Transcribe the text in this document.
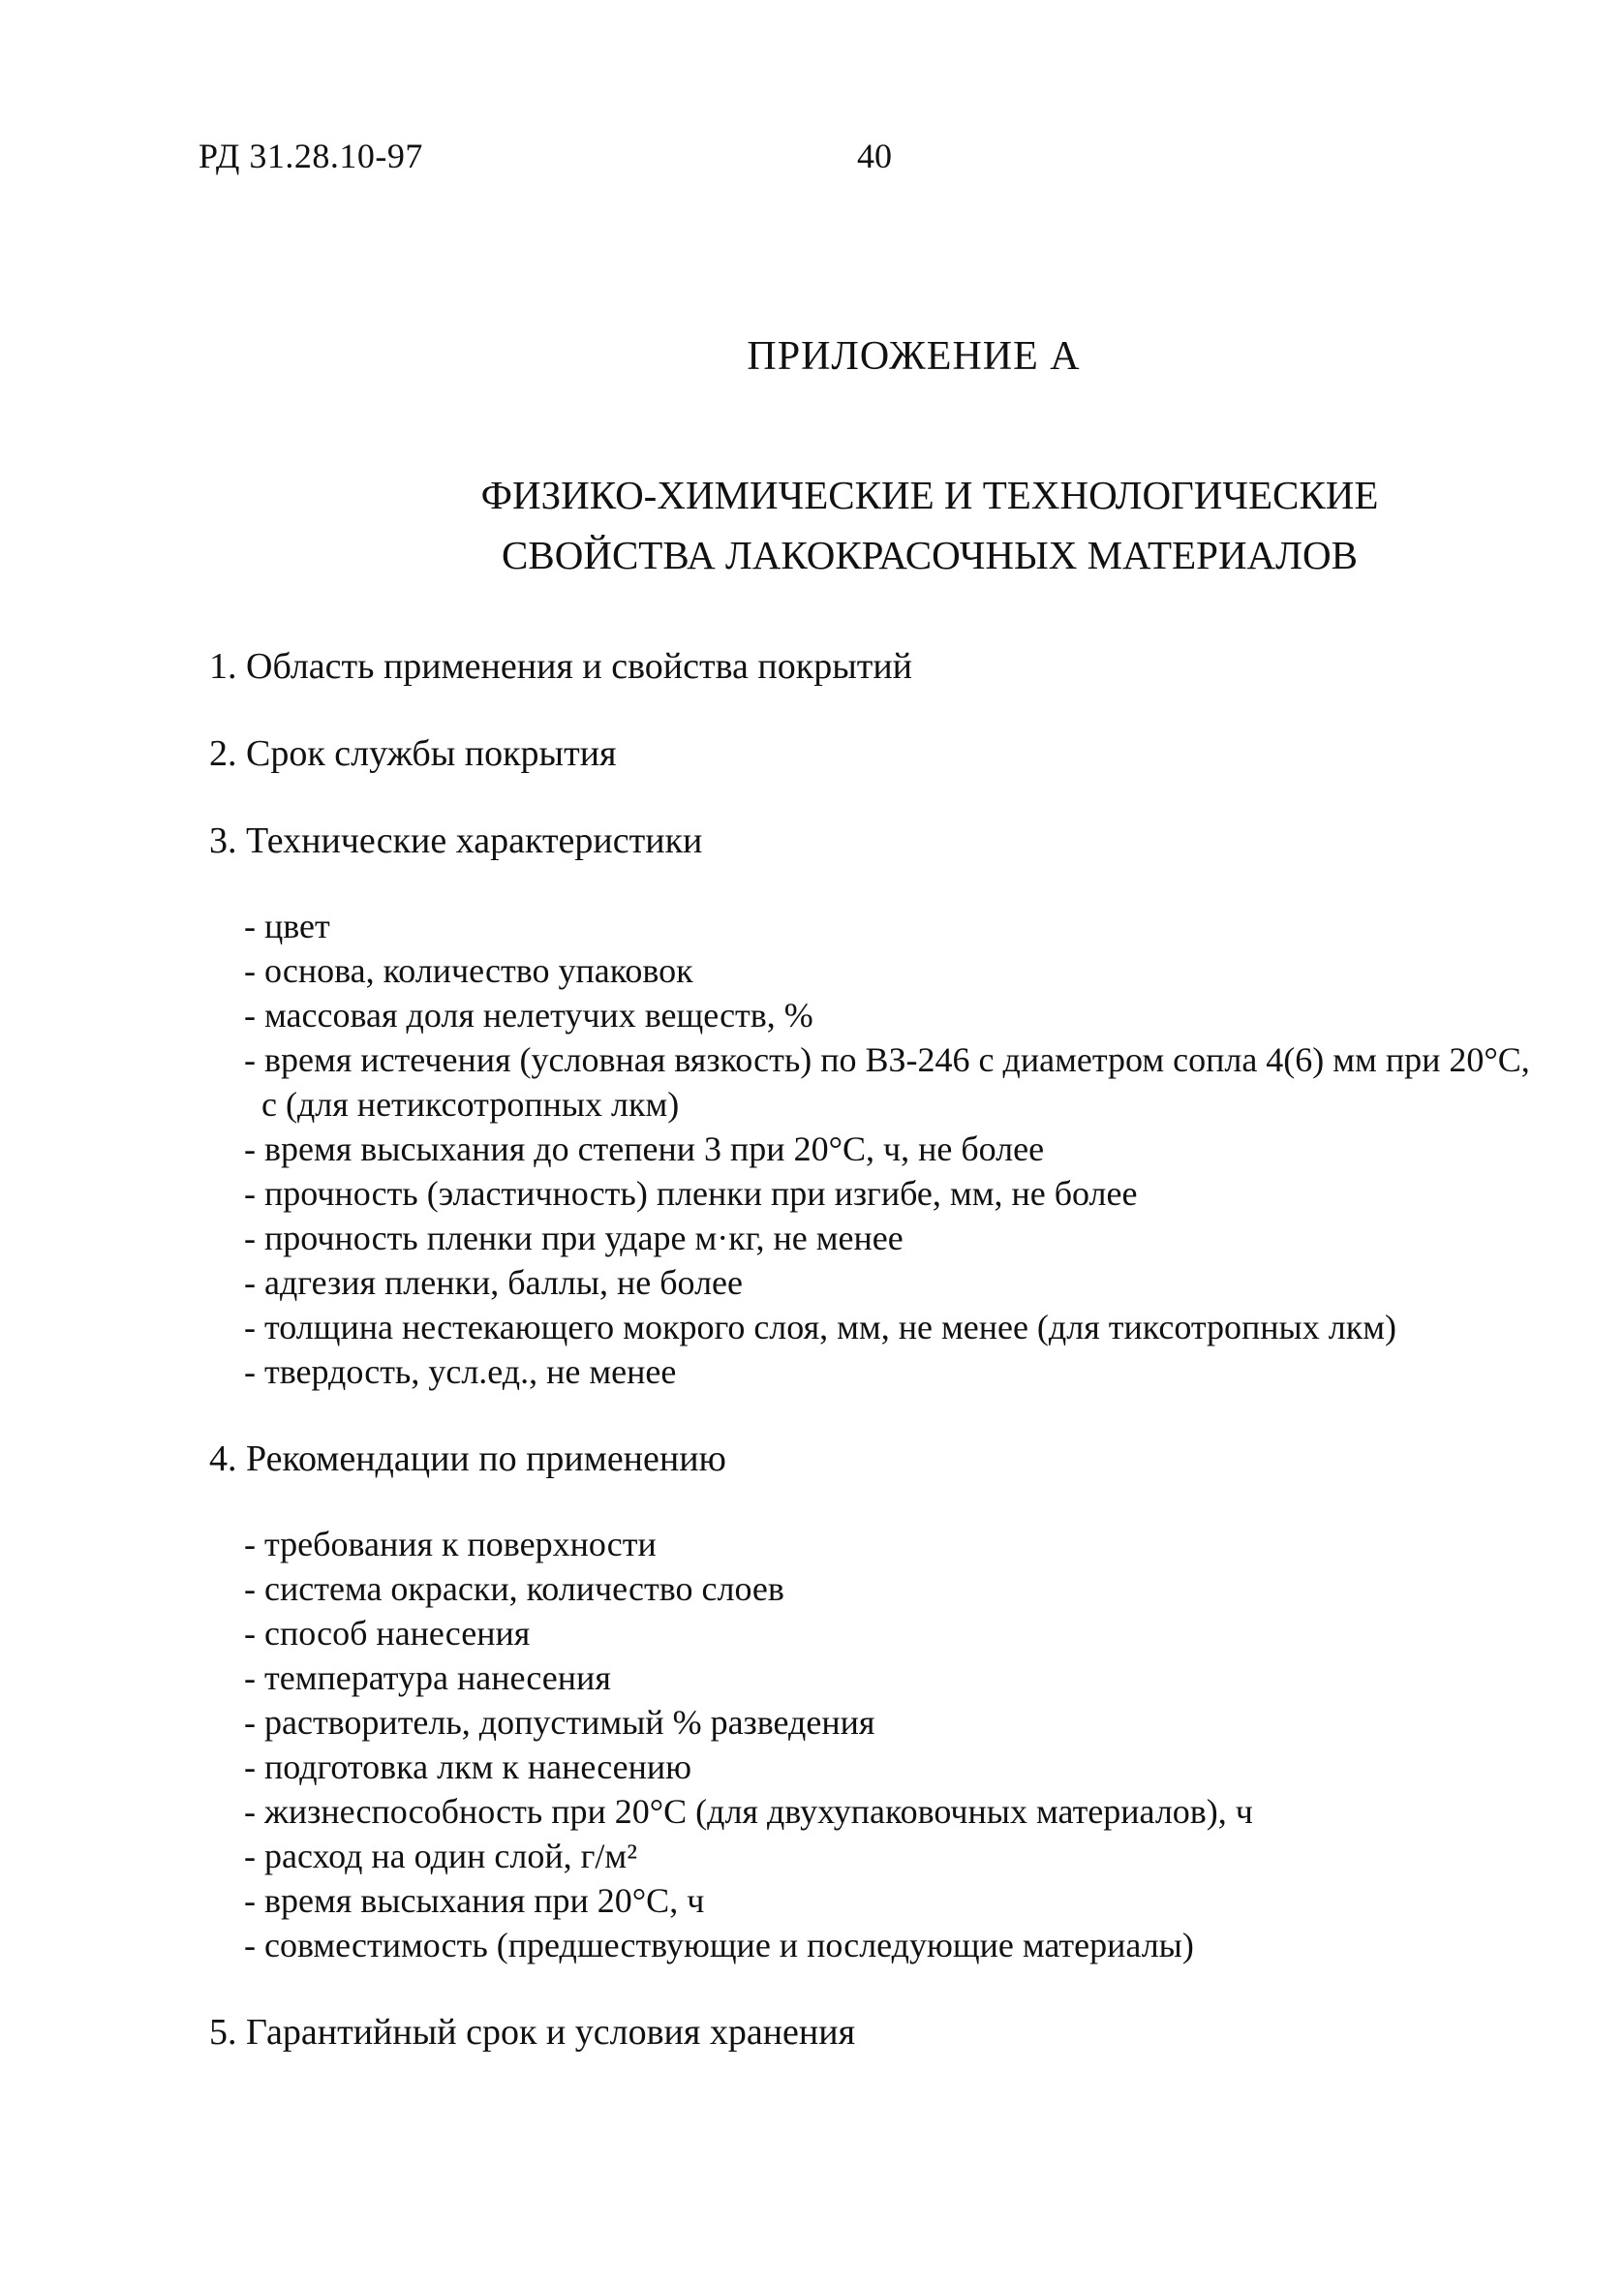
РД 31.28.10-97	40
ПРИЛОЖЕНИЕ А
ФИЗИКО-ХИМИЧЕСКИЕ И ТЕХНОЛОГИЧЕСКИЕ
СВОЙСТВА ЛАКОКРАСОЧНЫХ МАТЕРИАЛОВ
1. Область применения и свойства покрытий
2. Срок службы покрытия
3. Технические характеристики
- цвет
- основа, количество упаковок
- массовая доля нелетучих веществ, %
- время истечения (условная вязкость) по ВЗ-246 с диаметром сопла 4(6) мм при 20°С, с (для нетиксотропных лкм)
- время высыхания до степени 3 при 20°С, ч, не более
- прочность (эластичность) пленки при изгибе, мм, не более
- прочность пленки при ударе м·кг, не менее
- адгезия пленки, баллы, не более
- толщина нестекающего мокрого слоя, мм, не менее (для тиксотропных лкм)
- твердость, усл.ед., не менее
4. Рекомендации по применению
- требования к поверхности
- система окраски, количество слоев
- способ нанесения
- температура нанесения
- растворитель, допустимый % разведения
- подготовка лкм к нанесению
- жизнеспособность при 20°С (для двухупаковочных материалов), ч
- расход на один слой, г/м²
- время высыхания при 20°С, ч
- совместимость (предшествующие и последующие материалы)
5. Гарантийный срок и условия хранения
